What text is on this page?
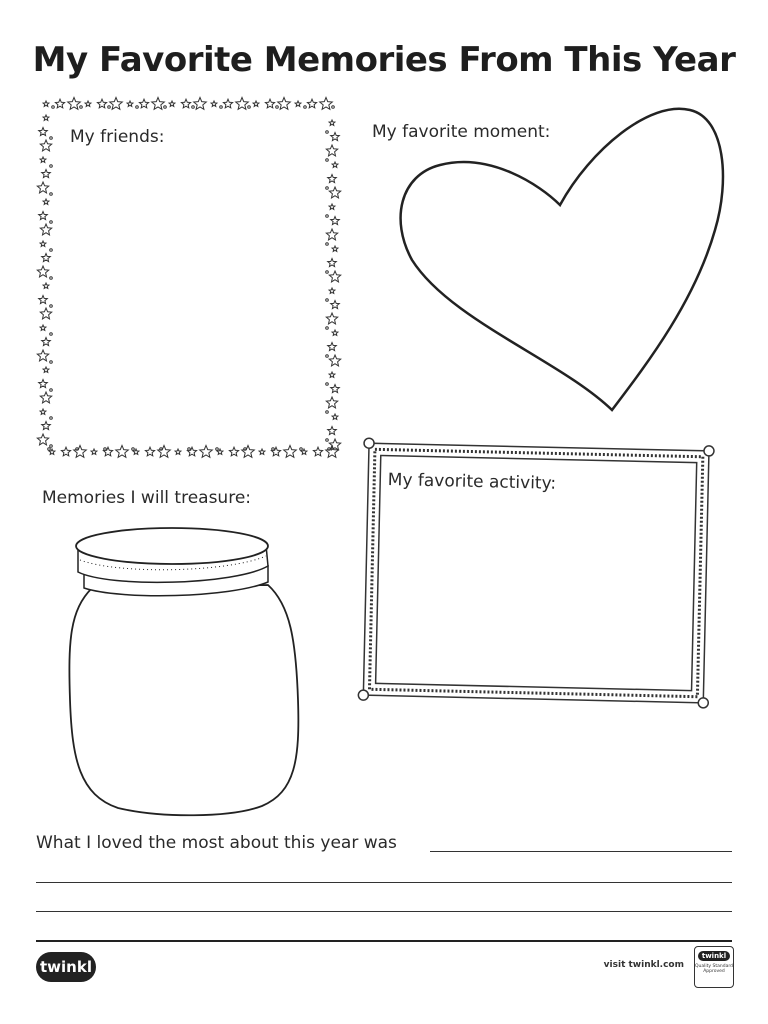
My Favorite Memories From This Year
My friends:	My favorite moment:
Memories I will treasure:
My favorite activity:
What I loved the most about this year was
twinkl	visit twinkl.com
twinkl
Quality Standard Approved
